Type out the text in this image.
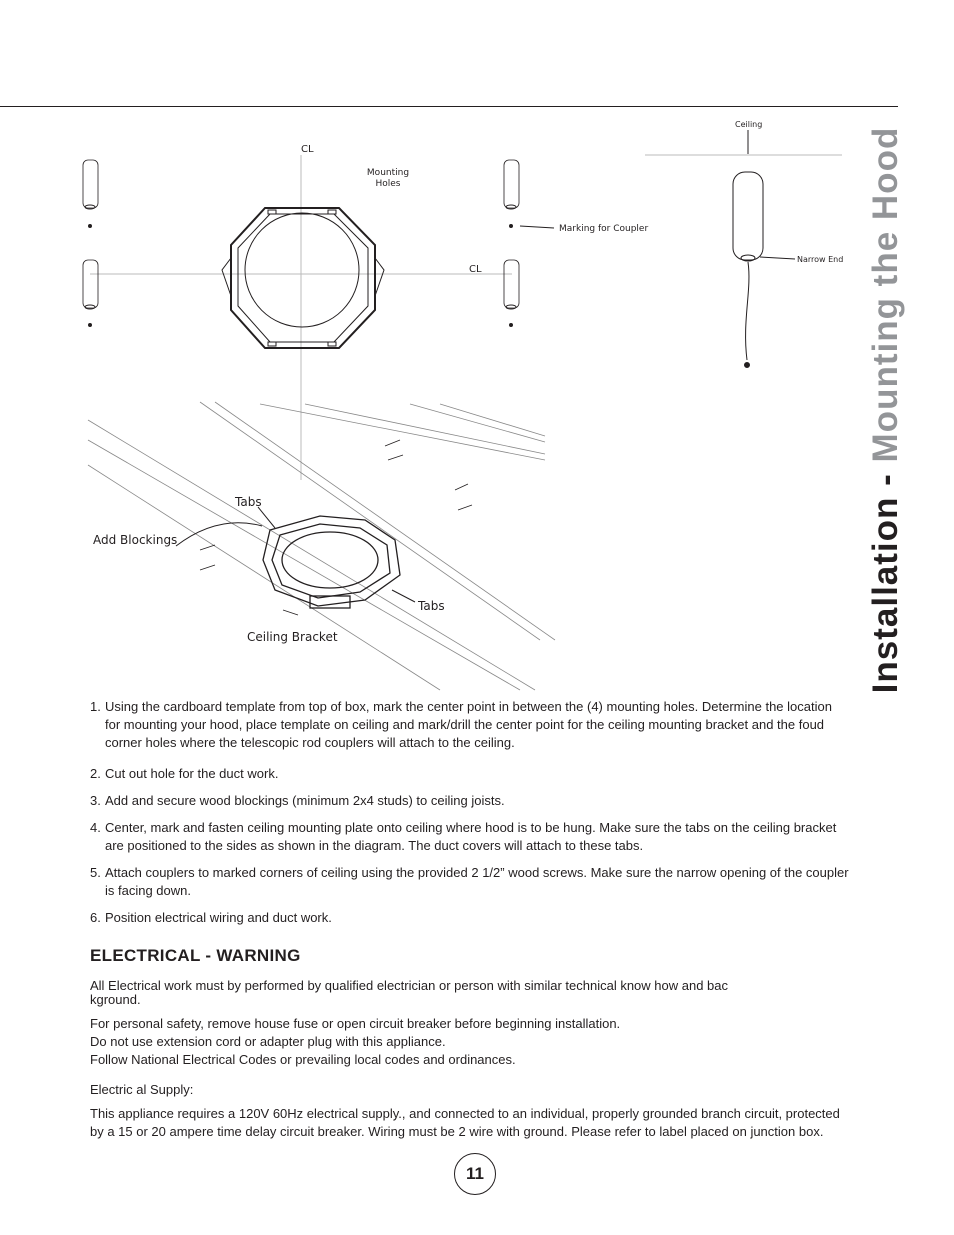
Installation - Mounting the Hood
CL
CL
Mounting
Holes
Marking for Coupler
Ceiling
Narrow End
Tabs
Add Blockings
Tabs
Ceiling Bracket

1. Using the cardboard template from top of box, mark the center point in between the (4) mounting holes. Determine the location for mounting your hood, place template on ceiling and mark/drill the center point for the ceiling mounting bracket and the foud corner holes where the telescopic rod couplers will attach to the ceiling.

2. Cut out hole for the duct work.

3. Add and secure wood blockings (minimum 2x4 studs) to ceiling joists.

4. Center, mark and fasten ceiling mounting plate onto ceiling where hood is to be hung. Make sure the tabs on the ceiling bracket are positioned to the sides as shown in the diagram. The duct covers will attach to these tabs.

5. Attach couplers to marked corners of ceiling using the provided 2 1/2” wood screws. Make sure the narrow opening of the coupler is facing down.

6. Position electrical wiring and duct work.

ELECTRICAL - WARNING

All Electrical work must by performed by qualified electrician or person with similar technical know how and bac kground.

For personal safety, remove house fuse or open circuit breaker before beginning installation.

Do not use extension cord or adapter plug with this appliance.

Follow National Electrical Codes or prevailing local codes and ordinances.

Electric al Supply:

This appliance requires a 120V 60Hz electrical supply., and connected to an individual, properly grounded branch circuit, protected by a 15 or 20 ampere time delay circuit breaker. Wiring must be 2 wire with ground. Please refer to label placed on junction box.

11
